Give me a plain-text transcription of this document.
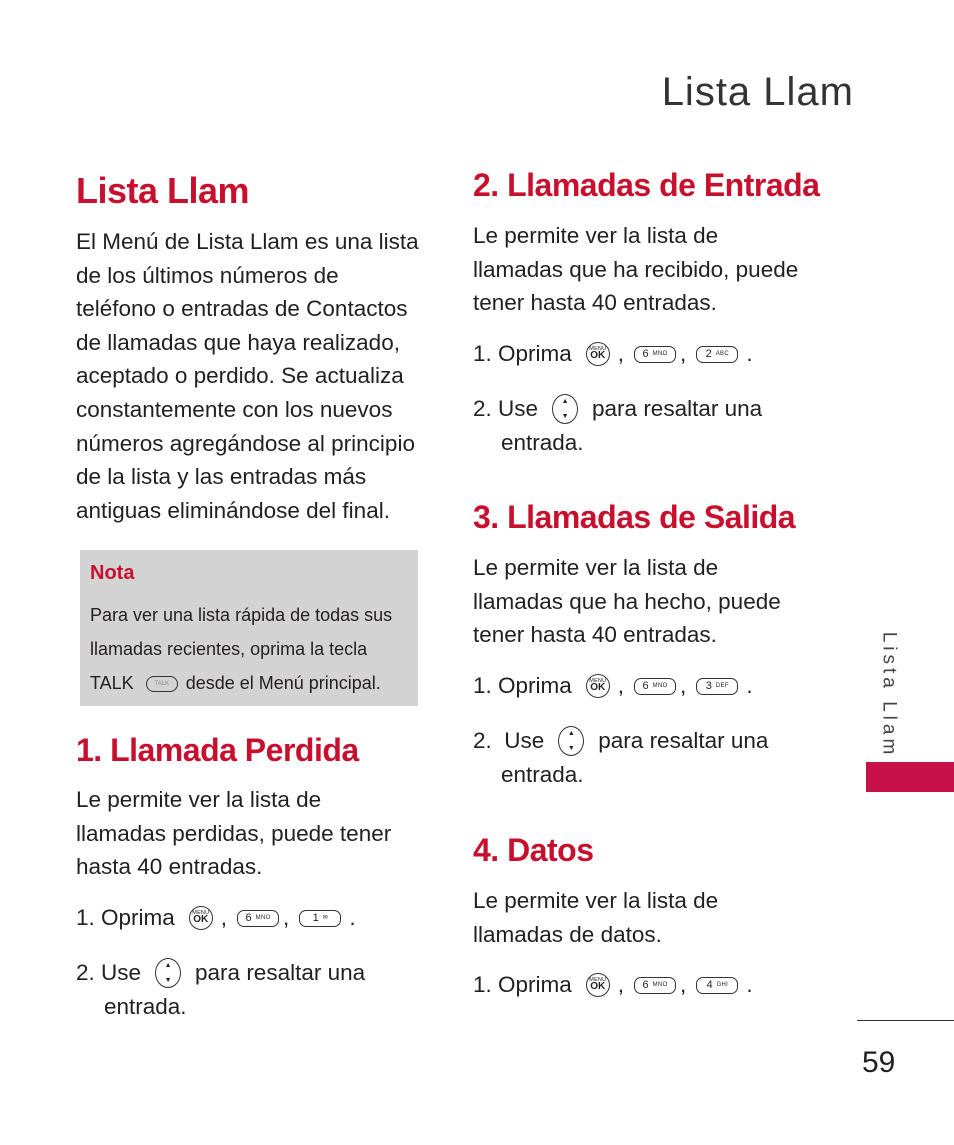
Lista Llam
Lista Llam

El Menú de Lista Llam es una lista
de los últimos números de
teléfono o entradas de Contactos
de llamadas que haya realizado,
aceptado o perdido. Se actualiza
constantemente con los nuevos
números agregándose al principio
de la lista y las entradas más
antiguas eliminándose del final.

Nota
Para ver una lista rápida de todas sus
llamadas recientes, oprima la tecla
TALK	TALK desde el Menú principal.
1. Llamada Perdida

Le permite ver la lista de
llamadas perdidas, puede tener
hasta 40 entradas.

1. Oprima	MENU
OK , 6 MNO , 1 ✉ .
2. Use	▲
▼ para resaltar una
entrada.
2. Llamadas de Entrada

Le permite ver la lista de
llamadas que ha recibido, puede
tener hasta 40 entradas.

1. Oprima	MENU
OK , 6 MNO , 2 ABC .
2. Use	▲
▼ para resaltar una
entrada.
3. Llamadas de Salida

Le permite ver la lista de
llamadas que ha hecho, puede
tener hasta 40 entradas.

1. Oprima	MENU
OK , 6 MNO , 3 DEF .
2.  Use	▲
▼ para resaltar una
entrada.
4. Datos

Le permite ver la lista de
llamadas de datos.

1. Oprima	MENU
OK , 6 MNO , 4 GHI .
Lista Llam
59
